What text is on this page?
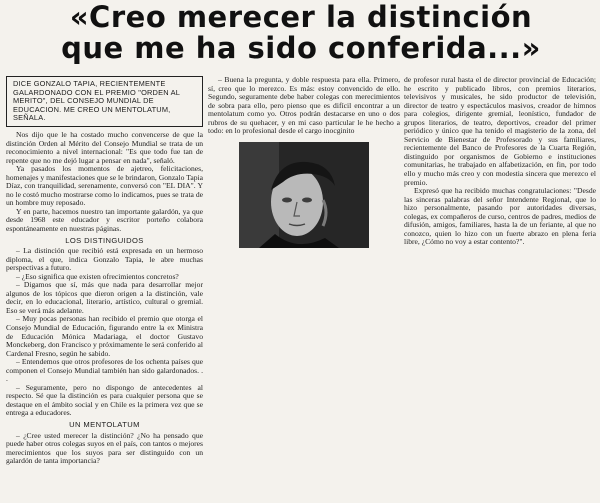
«Creo merecer la distinción
que me ha sido conferida...»
DICE GONZALO TAPIA, RECIENTEMENTE GALARDONADO CON EL PREMIO "ORDEN AL MERITO", DEL CONSEJO MUNDIAL DE EDUCACION. ME CREO UN MENTOLATUM, SEÑALA.

Nos dijo que le ha costado mucho convencerse de que la distinción Orden al Mérito del Consejo Mundial se trata de un reconocimiento a nivel internacional: "Es que todo fue tan de repente que no me dejó lugar a pensar en nada", señaló.

Ya pasados los momentos de ajetreo, felicitaciones, homenajes y manifestaciones que se le brindaron, Gonzalo Tapia Díaz, con tranquilidad, serenamente, conversó con "EL DIA". Y no le costó mucho mostrarse como lo indicamos, pues se trata de un hombre muy reposado.

Y en parte, hacemos nuestro tan importante galardón, ya que desde 1968 este educador y escritor porteño colabora espontáneamente en nuestras páginas.

LOS DISTINGUIDOS

– La distinción que recibió está expresada en un hermoso diploma, el que, indica Gonzalo Tapia, le abre muchas perspectivas a futuro.

– ¿Eso significa que existen ofrecimientos concretos?

– Digamos que sí, más que nada para desarrollar mejor algunos de los tópicos que dieron origen a la distinción, vale decir, en lo educacional, literario, artístico, cultural o gremial. Eso se verá más adelante.

– Muy pocas personas han recibido el premio que otorga el Consejo Mundial de Educación, figurando entre la ex Ministra de Educación Mónica Madariaga, el doctor Gustavo Monckeberg, don Francisco y próximamente le será conferido al Cardenal Fresno, según he sabido.

– Entendemos que otros profesores de los ochenta países que componen el Consejo Mundial también han sido galardonados. . .

– Seguramente, pero no dispongo de antecedentes al respecto. Sé que la distinción es para cualquier persona que se destaque en el ámbito social y en Chile es la primera vez que se entrega a educadores.

UN MENTOLATUM

– ¿Cree usted merecer la distinción? ¿No ha pensado que puede haber otros colegas suyos en el país, con tantos o mejores merecimientos que los suyos para ser distinguido con un galardón de tanta importancia?

– Buena la pregunta, y doble respuesta para ella. Primero, sí, creo que lo merezco. Es más: estoy convencido de ello. Segundo, seguramente debe haber colegas con merecimientos de sobra para ello, pero pienso que es difícil encontrar a un mentolatum como yo. Otros podrán destacarse en uno o dos rubros de su quehacer, y en mi caso particular le he hecho a todo: en lo profesional desde el cargo inocginito

de profesor rural hasta el de director provincial de Educación; he escrito y publicado libros, con premios literarios, televisivos y musicales, he sido productor de televisión, director de teatro y espectáculos masivos, creador de himnos para colegios, dirigente gremial, leonístico, fundador de grupos literarios, de teatro, deportivos, creador del primer periódico y único que ha tenido el magisterio de la zona, del Servicio de Bienestar de Profesorado y sus familiares, recientemente del Banco de Profesores de la Cuarta Región, distinguido por organismos de Gobierno e instituciones comunitarias, he trabajado en alfabetización, en fin, por todo ello y mucho más creo y con modestia sincera que merezco el premio.

Expresó que ha recibido muchas congratulaciones: "Desde las sinceras palabras del señor Intendente Regional, que lo hizo personalmente, pasando por autoridades diversas, colegas, ex compañeros de curso, centros de padres, medios de difusión, amigos, familiares, hasta la de un feriante, al que no conozco, quien lo hizo con un fuerte abrazo en plena feria libre, ¿Cómo no voy a estar contento?".
